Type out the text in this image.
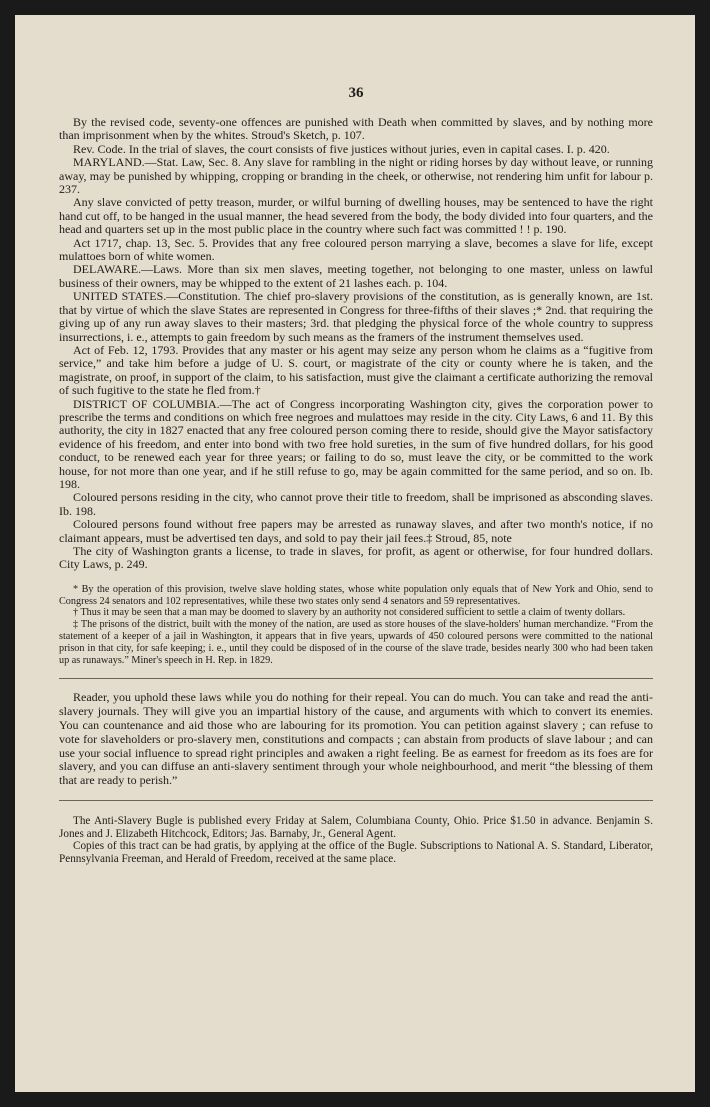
36

By the revised code, seventy-one offences are punished with Death when committed by slaves, and by nothing more than imprisonment when by the whites. Stroud's Sketch, p. 107.

Rev. Code. In the trial of slaves, the court consists of five justices without juries, even in capital cases. I. p. 420.

MARYLAND.—Stat. Law, Sec. 8. Any slave for rambling in the night or riding horses by day without leave, or running away, may be punished by whipping, cropping or branding in the cheek, or otherwise, not rendering him unfit for labour p. 237.

Any slave convicted of petty treason, murder, or wilful burning of dwelling houses, may be sentenced to have the right hand cut off, to be hanged in the usual manner, the head severed from the body, the body divided into four quarters, and the head and quarters set up in the most public place in the country where such fact was committed ! ! p. 190.

Act 1717, chap. 13, Sec. 5. Provides that any free coloured person marrying a slave, becomes a slave for life, except mulattoes born of white women.

DELAWARE.—Laws. More than six men slaves, meeting together, not belonging to one master, unless on lawful business of their owners, may be whipped to the extent of 21 lashes each. p. 104.

UNITED STATES.—Constitution. The chief pro-slavery provisions of the constitution, as is generally known, are 1st. that by virtue of which the slave States are represented in Congress for three-fifths of their slaves ;* 2nd. that requiring the giving up of any run away slaves to their masters; 3rd. that pledging the physical force of the whole country to suppress insurrections, i. e., attempts to gain freedom by such means as the framers of the instrument themselves used.

Act of Feb. 12, 1793. Provides that any master or his agent may seize any person whom he claims as a “fugitive from service,” and take him before a judge of U. S. court, or magistrate of the city or county where he is taken, and the magistrate, on proof, in support of the claim, to his satisfaction, must give the claimant a certificate authorizing the removal of such fugitive to the state he fled from.†

DISTRICT OF COLUMBIA.—The act of Congress incorporating Washington city, gives the corporation power to prescribe the terms and conditions on which free negroes and mulattoes may reside in the city. City Laws, 6 and 11. By this authority, the city in 1827 enacted that any free coloured person coming there to reside, should give the Mayor satisfactory evidence of his freedom, and enter into bond with two free hold sureties, in the sum of five hundred dollars, for his good conduct, to be renewed each year for three years; or failing to do so, must leave the city, or be committed to the work house, for not more than one year, and if he still refuse to go, may be again committed for the same period, and so on. Ib. 198.

Coloured persons residing in the city, who cannot prove their title to freedom, shall be imprisoned as absconding slaves. Ib. 198.

Coloured persons found without free papers may be arrested as runaway slaves, and after two month's notice, if no claimant appears, must be advertised ten days, and sold to pay their jail fees.‡ Stroud, 85, note

The city of Washington grants a license, to trade in slaves, for profit, as agent or otherwise, for four hundred dollars. City Laws, p. 249.

* By the operation of this provision, twelve slave holding states, whose white population only equals that of New York and Ohio, send to Congress 24 senators and 102 representatives, while these two states only send 4 senators and 59 representatives.

† Thus it may be seen that a man may be doomed to slavery by an authority not considered sufficient to settle a claim of twenty dollars.

‡ The prisons of the district, built with the money of the nation, are used as store houses of the slave-holders' human merchandize. “From the statement of a keeper of a jail in Washington, it appears that in five years, upwards of 450 coloured persons were committed to the national prison in that city, for safe keeping; i. e., until they could be disposed of in the course of the slave trade, besides nearly 300 who had been taken up as runaways.” Miner's speech in H. Rep. in 1829.

Reader, you uphold these laws while you do nothing for their repeal. You can do much. You can take and read the anti-slavery journals. They will give you an impartial history of the cause, and arguments with which to convert its enemies. You can countenance and aid those who are labouring for its promotion. You can petition against slavery ; can refuse to vote for slaveholders or pro-slavery men, constitutions and compacts ; can abstain from products of slave labour ; and can use your social influence to spread right principles and awaken a right feeling. Be as earnest for freedom as its foes are for slavery, and you can diffuse an anti-slavery sentiment through your whole neighbourhood, and merit “the blessing of them that are ready to perish.”

The Anti-Slavery Bugle is published every Friday at Salem, Columbiana County, Ohio. Price $1.50 in advance. Benjamin S. Jones and J. Elizabeth Hitchcock, Editors; Jas. Barnaby, Jr., General Agent.

Copies of this tract can be had gratis, by applying at the office of the Bugle. Subscriptions to National A. S. Standard, Liberator, Pennsylvania Freeman, and Herald of Freedom, received at the same place.
